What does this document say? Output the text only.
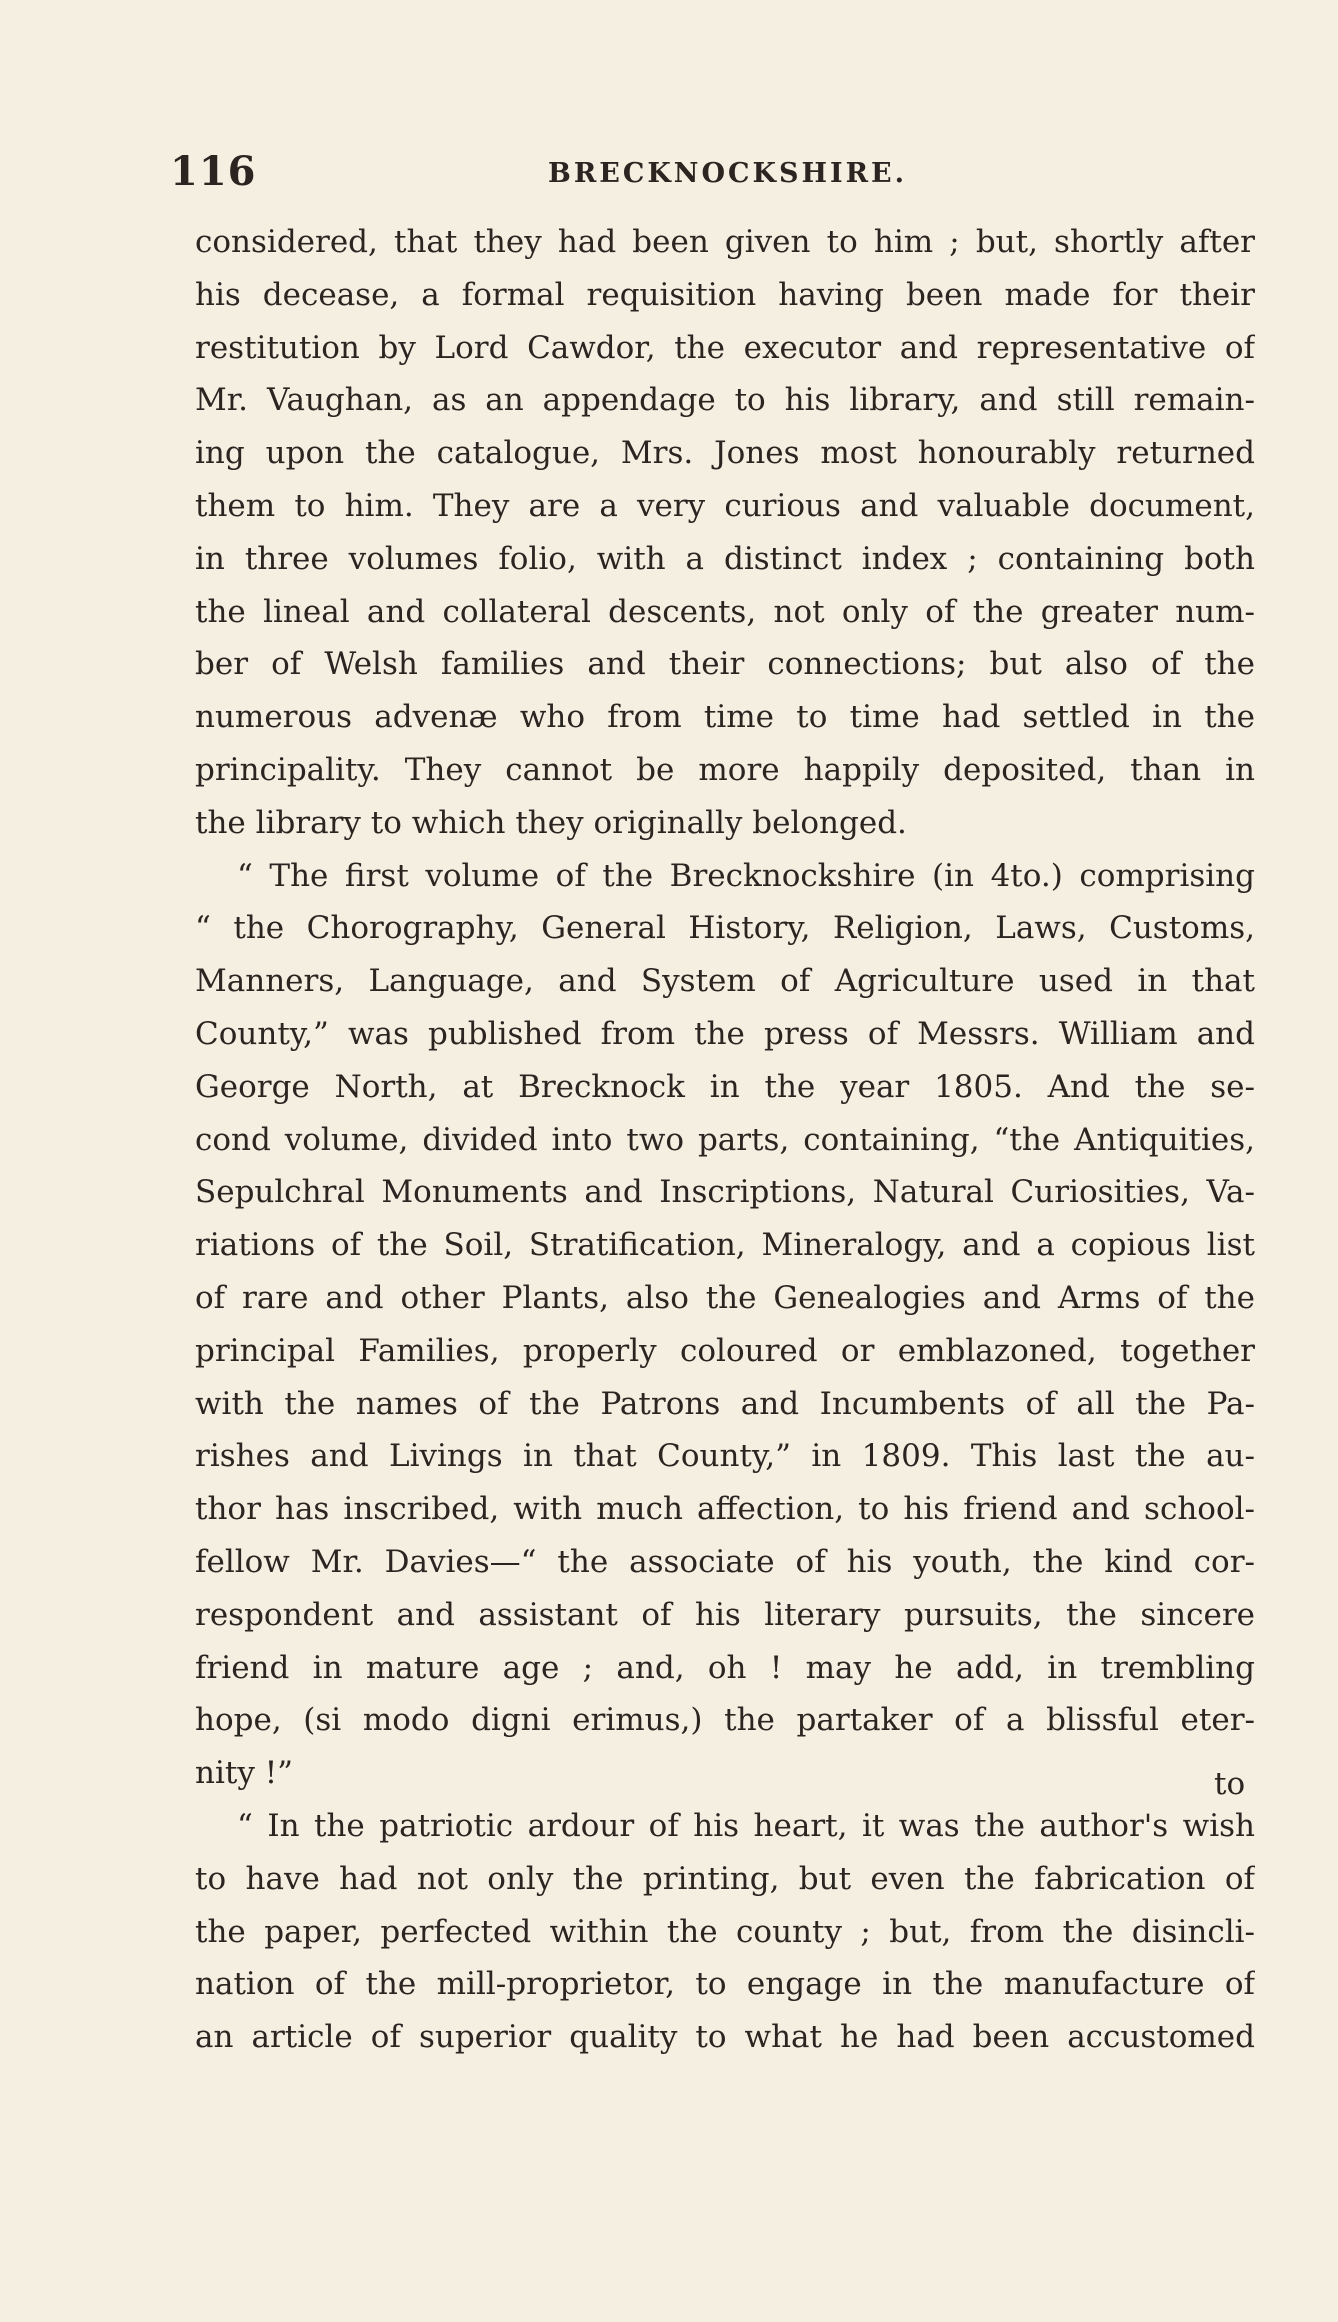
116	BRECKNOCKSHIRE.
considered, that they had been given to him ; but, shortly after
his decease, a formal requisition having been made for their
restitution by Lord Cawdor, the executor and representative of
Mr. Vaughan, as an appendage to his library, and still remain-
ing upon the catalogue, Mrs. Jones most honourably returned
them to him. They are a very curious and valuable document,
in three volumes folio, with a distinct index ; containing both
the lineal and collateral descents, not only of the greater num-
ber of Welsh families and their connections; but also of the
numerous advenæ who from time to time had settled in the
principality. They cannot be more happily deposited, than in
the library to which they originally belonged.
“ The first volume of the Brecknockshire (in 4to.) comprising
“ the Chorography, General History, Religion, Laws, Customs,
Manners, Language, and System of Agriculture used in that
County,” was published from the press of Messrs. William and
George North, at Brecknock in the year 1805. And the se-
cond volume, divided into two parts, containing, “the Antiquities,
Sepulchral Monuments and Inscriptions, Natural Curiosities, Va-
riations of the Soil, Stratification, Mineralogy, and a copious list
of rare and other Plants, also the Genealogies and Arms of the
principal Families, properly coloured or emblazoned, together
with the names of the Patrons and Incumbents of all the Pa-
rishes and Livings in that County,” in 1809. This last the au-
thor has inscribed, with much affection, to his friend and school-
fellow Mr. Davies—“ the associate of his youth, the kind cor-
respondent and assistant of his literary pursuits, the sincere
friend in mature age ; and, oh ! may he add, in trembling
hope, (si modo digni erimus,) the partaker of a blissful eter-
nity !”
“ In the patriotic ardour of his heart, it was the author's wish
to have had not only the printing, but even the fabrication of
the paper, perfected within the county ; but, from the disincli-
nation of the mill-proprietor, to engage in the manufacture of
an article of superior quality to what he had been accustomed
to
